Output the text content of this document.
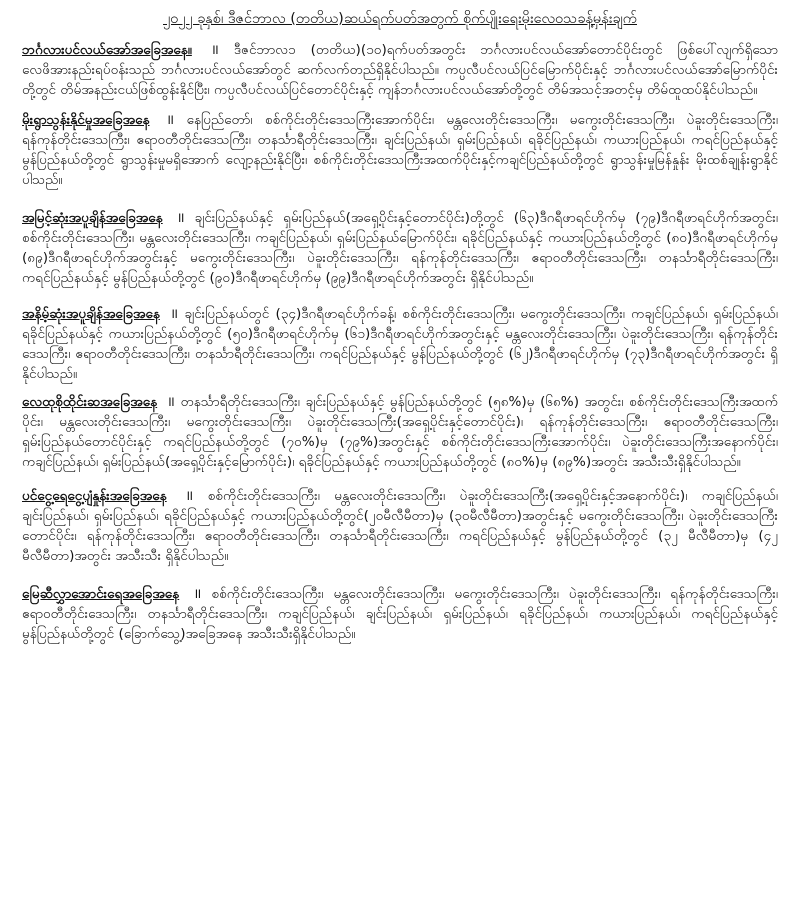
၂၀၂၂ ခုနှစ်၊ ဒီဇင်ဘာလ (တတိယ)ဆယ်ရက်ပတ်အတွက် စိုက်ပျိုးရေးမိုးလေဝသခန့်မှန်းချက်

ဘင်္ဂလားပင်လယ်အော်အခြေအနေ။ ॥ ဒီဇင်ဘာလ၁ (တတိယ)(၁၀)ရက်ပတ်အတွင်း ဘင်္ဂလားပင်လယ်အော်တောင်ပိုင်းတွင် ဖြစ်ပေါ်လျက်ရှိသော လေဖိအားနည်းရပ်ဝန်းသည် ဘင်္ဂလားပင်လယ်အော်တွင် ဆက်လက်တည်ရှိနိုင်ပါသည်။ ကပ္ပလီပင်လယ်ပြင်မြောက်ပိုင်းနှင့် ဘင်္ဂလားပင်လယ်အော်မြောက်ပိုင်းတို့တွင် တိမ်အနည်းငယ်ဖြစ်ထွန်းနိုင်ပြီး၊ ကပ္ပလီပင်လယ်ပြင်တောင်ပိုင်းနှင့် ကျန်ဘင်္ဂလားပင်လယ်အော်တို့တွင် တိမ်အသင့်အတင့်မှ တိမ်ထူထပ်နိုင်ပါသည်။

မိုးရွာသွန်းနိုင်မှုအခြေအနေ ॥ နေပြည်တော်၊ စစ်ကိုင်းတိုင်းဒေသကြီးအောက်ပိုင်း၊ မန္တလေးတိုင်းဒေသကြီး၊ မကွေးတိုင်းဒေသကြီး၊ ပဲခူးတိုင်းဒေသကြီး၊ ရန်ကုန်တိုင်းဒေသကြီး၊ ဧရာဝတီတိုင်းဒေသကြီး၊ တနင်္သာရီတိုင်းဒေသကြီး၊ ချင်းပြည်နယ်၊ ရှမ်းပြည်နယ်၊ ရခိုင်ပြည်နယ်၊ ကယားပြည်နယ်၊ ကရင်ပြည်နယ်နှင့် မွန်ပြည်နယ်တို့တွင် ရွာသွန်းမှုမရှိအောက် လျော့နည်းနိုင်ပြီး၊ စစ်ကိုင်းတိုင်းဒေသကြီးအထက်ပိုင်းနှင့်ကချင်ပြည်နယ်တို့တွင် ရွာသွန်းမှုမြန်နှုန်း မိုးထစ်ချုန်းရွာနိုင်ပါသည်။

အမြင့်ဆုံးအပူချိန်အခြေအနေ ॥ ချင်းပြည်နယ်နှင့် ရှမ်းပြည်နယ်(အရှေ့ပိုင်းနှင့်တောင်ပိုင်း)တို့တွင် (၆၃)ဒီဂရီဖာရင်ဟိုက်မှ (၇၉)ဒီဂရီဖာရင်ဟိုက်အတွင်း၊ စစ်ကိုင်းတိုင်းဒေသကြီး၊ မန္တလေးတိုင်းဒေသကြီး၊ ကချင်ပြည်နယ်၊ ရှမ်းပြည်နယ်မြောက်ပိုင်း၊ ရခိုင်ပြည်နယ်နှင့် ကယားပြည်နယ်တို့တွင် (၈၀)ဒီဂရီဖာရင်ဟိုက်မှ (၈၉)ဒီဂရီဖာရင်ဟိုက်အတွင်းနှင့် မကွေးတိုင်းဒေသကြီး၊ ပဲခူးတိုင်းဒေသကြီး၊ ရန်ကုန်တိုင်းဒေသကြီး၊ ဧရာဝတီတိုင်းဒေသကြီး၊ တနင်္သာရီတိုင်းဒေသကြီး၊ ကရင်ပြည်နယ်နှင့် မွန်ပြည်နယ်တို့တွင် (၉၀)ဒီဂရီဖာရင်ဟိုက်မှ (၉၉)ဒီဂရီဖာရင်ဟိုက်အတွင်း ရှိနိုင်ပါသည်။

အနိမ့်ဆုံးအပူချိန်အခြေအနေ ॥ ချင်းပြည်နယ်တွင် (၃၄)ဒီဂရီဖာရင်ဟိုက်ခန့်၊ စစ်ကိုင်းတိုင်းဒေသကြီး၊ မကွေးတိုင်းဒေသကြီး၊ ကချင်ပြည်နယ်၊ ရှမ်းပြည်နယ်၊ ရခိုင်ပြည်နယ်နှင့် ကယားပြည်နယ်တို့တွင် (၅၀)ဒီဂရီဖာရင်ဟိုက်မှ (၆၁)ဒီဂရီဖာရင်ဟိုက်အတွင်းနှင့် မန္တလေးတိုင်းဒေသကြီး၊ ပဲခူးတိုင်းဒေသကြီး၊ ရန်ကုန်တိုင်းဒေသကြီး၊ ဧရာဝတီတိုင်းဒေသကြီး၊ တနင်္သာရီတိုင်းဒေသကြီး၊ ကရင်ပြည်နယ်နှင့် မွန်ပြည်နယ်တို့တွင် (၆၂)ဒီဂရီဖာရင်ဟိုက်မှ (၇၃)ဒီဂရီဖာရင်ဟိုက်အတွင်း ရှိနိုင်ပါသည်။

လေထုစိုထိုင်းဆအခြေအနေ ॥ တနင်္သာရီတိုင်းဒေသကြီး၊ ချင်းပြည်နယ်နှင့် မွန်ပြည်နယ်တို့တွင် (၅၈%)မှ (၆၈%) အတွင်း၊ စစ်ကိုင်းတိုင်းဒေသကြီးအထက်ပိုင်း၊ မန္တလေးတိုင်းဒေသကြီး၊ မကွေးတိုင်းဒေသကြီး၊ ပဲခူးတိုင်းဒေသကြီး(အရှေ့ပိုင်းနှင့်တောင်ပိုင်း)၊ ရန်ကုန်တိုင်းဒေသကြီး၊ ဧရာဝတီတိုင်းဒေသကြီး၊ ရှမ်းပြည်နယ်တောင်ပိုင်းနှင့် ကရင်ပြည်နယ်တို့တွင် (၇၀%)မှ (၇၉%)အတွင်းနှင့် စစ်ကိုင်းတိုင်းဒေသကြီးအောက်ပိုင်း၊ ပဲခူးတိုင်းဒေသကြီးအနောက်ပိုင်း၊ ကချင်ပြည်နယ်၊ ရှမ်းပြည်နယ်(အရှေ့ပိုင်းနှင့်မြောက်ပိုင်း)၊ ရခိုင်ပြည်နယ်နှင့် ကယားပြည်နယ်တို့တွင် (၈၀%)မှ (၈၉%)အတွင်း အသီးသီးရှိနိုင်ပါသည်။

ပင်ငွေ့ရေငွေ့ပျံနှုန်းအခြေအနေ ॥ စစ်ကိုင်းတိုင်းဒေသကြီး၊ မန္တလေးတိုင်းဒေသကြီး၊ ပဲခူးတိုင်းဒေသကြီး(အရှေ့ပိုင်းနှင့်အနောက်ပိုင်း)၊ ကချင်ပြည်နယ်၊ ချင်းပြည်နယ်၊ ရှမ်းပြည်နယ်၊ ရခိုင်ပြည်နယ်နှင့် ကယားပြည်နယ်တို့တွင်(၂၀မီလီမီတာ)မှ (၃၀မီလီမီတာ)အတွင်းနှင့် မကွေးတိုင်းဒေသကြီး၊ ပဲခူးတိုင်းဒေသကြီးတောင်ပိုင်း၊ ရန်ကုန်တိုင်းဒေသကြီး၊ ဧရာဝတီတိုင်းဒေသကြီး၊ တနင်္သာရီတိုင်းဒေသကြီး၊ ကရင်ပြည်နယ်နှင့် မွန်ပြည်နယ်တို့တွင် (၃၂ မီလီမီတာ)မှ (၄၂ မီလီမီတာ)အတွင်း အသီးသီး ရှိနိုင်ပါသည်။

မြေဆီလွှာအောင်းရေအခြေအနေ ॥ စစ်ကိုင်းတိုင်းဒေသကြီး၊ မန္တလေးတိုင်းဒေသကြီး၊ မကွေးတိုင်းဒေသကြီး၊ ပဲခူးတိုင်းဒေသကြီး၊ ရန်ကုန်တိုင်းဒေသကြီး၊ ဧရာဝတီတိုင်းဒေသကြီး၊ တနင်္သာရီတိုင်းဒေသကြီး၊ ကချင်ပြည်နယ်၊ ချင်းပြည်နယ်၊ ရှမ်းပြည်နယ်၊ ရခိုင်ပြည်နယ်၊ ကယားပြည်နယ်၊ ကရင်ပြည်နယ်နှင့် မွန်ပြည်နယ်တို့တွင် (ခြောက်သွေ့)အခြေအနေ အသီးသီးရှိနိုင်ပါသည်။
